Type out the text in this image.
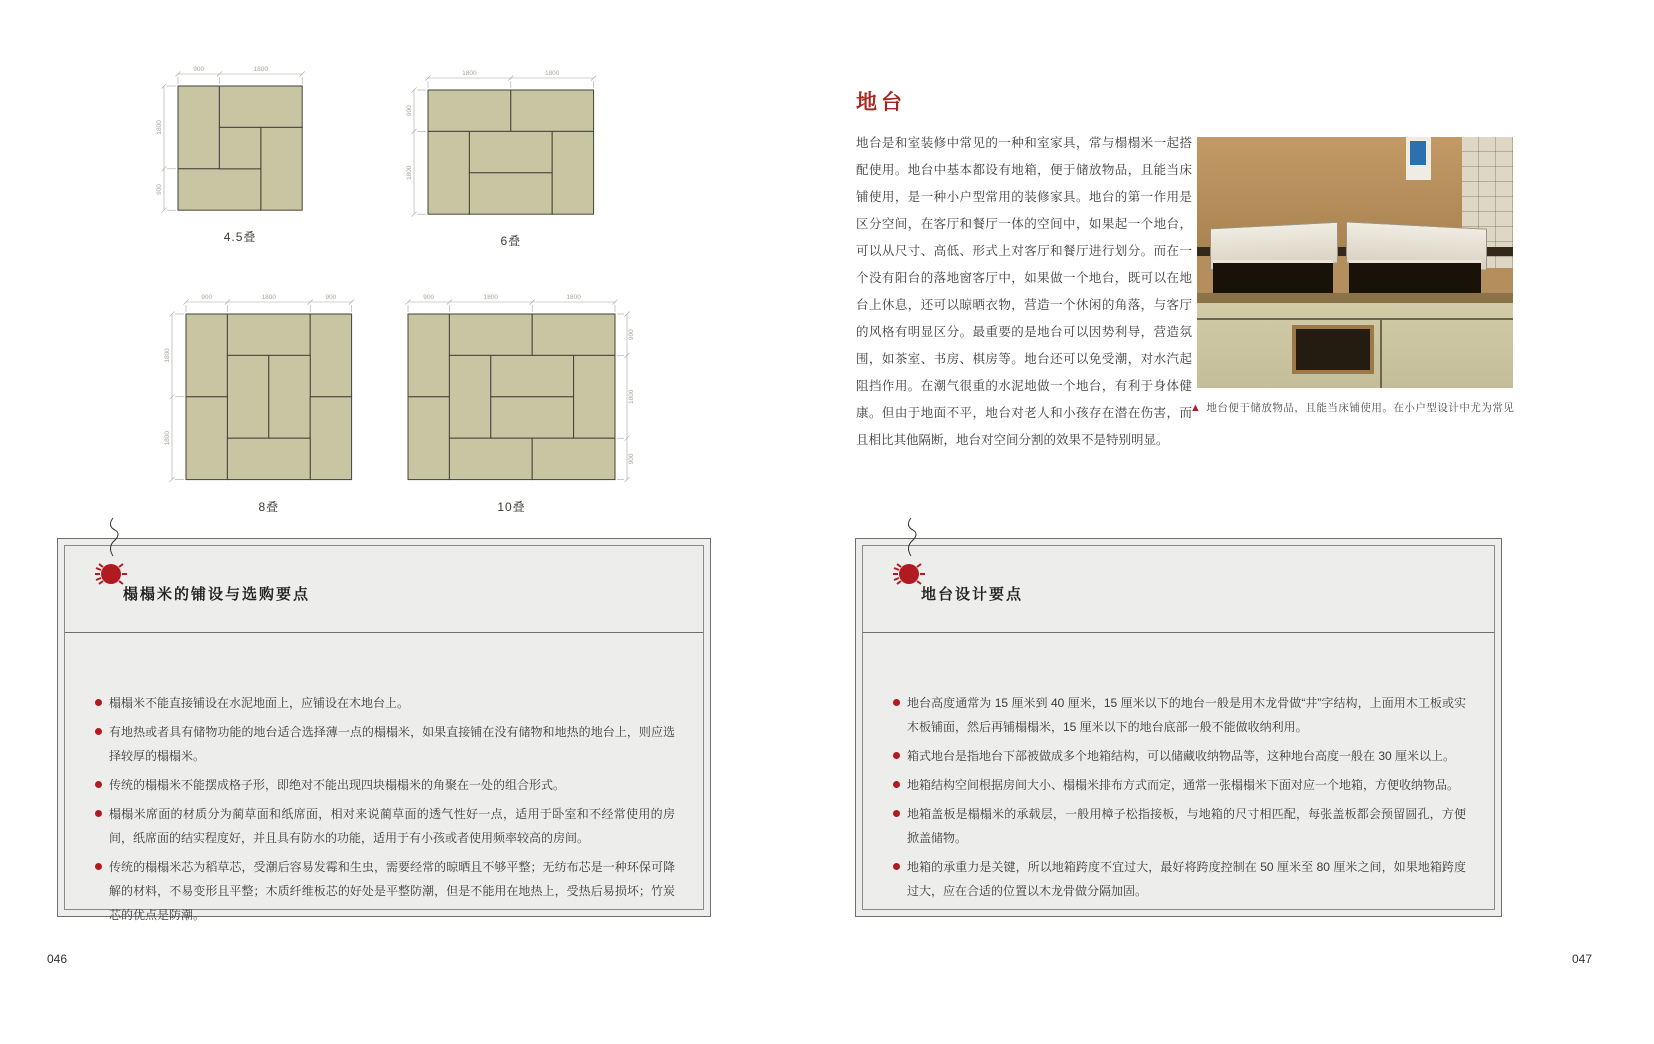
900	1800
1800
900
4.5叠
1800	1800
900
1800
6叠
900	1800	900
1800
1800
8叠
900	1800	1800
900
1800
900
10叠
地台
地台是和室装修中常见的一种和室家具，常与榻榻米一起搭配使用。地台中基本都设有地箱，便于储放物品，且能当床铺使用，是一种小户型常用的装修家具。地台的第一作用是区分空间，在客厅和餐厅一体的空间中，如果起一个地台，可以从尺寸、高低、形式上对客厅和餐厅进行划分。而在一个没有阳台的落地窗客厅中，如果做一个地台，既可以在地台上休息，还可以晾晒衣物，营造一个休闲的角落，与客厅的风格有明显区分。最重要的是地台可以因势利导，营造氛围，如茶室、书房、棋房等。地台还可以免受潮，对水汽起阻挡作用。在潮气很重的水泥地做一个地台，有利于身体健康。但由于地面不平，地台对老人和小孩存在潜在伤害，而且相比其他隔断，地台对空间分割的效果不是特别明显。
▲ 地台便于储放物品，且能当床铺使用。在小户型设计中尤为常见
榻榻米的铺设与选购要点
榻榻米不能直接铺设在水泥地面上，应铺设在木地台上。
有地热或者具有储物功能的地台适合选择薄一点的榻榻米，如果直接铺在没有储物和地热的地台上，则应选择较厚的榻榻米。
传统的榻榻米不能摆成格子形，即绝对不能出现四块榻榻米的角聚在一处的组合形式。
榻榻米席面的材质分为蔺草面和纸席面，相对来说蔺草面的透气性好一点，适用于卧室和不经常使用的房间，纸席面的结实程度好，并且具有防水的功能，适用于有小孩或者使用频率较高的房间。
传统的榻榻米芯为稻草芯，受潮后容易发霉和生虫，需要经常的晾晒且不够平整；无纺布芯是一种环保可降解的材料，不易变形且平整；木质纤维板芯的好处是平整防潮，但是不能用在地热上，受热后易损坏；竹炭芯的优点是防潮。
地台设计要点
地台高度通常为 15 厘米到 40 厘米，15 厘米以下的地台一般是用木龙骨做“井”字结构，上面用木工板或实木板铺面，然后再铺榻榻米，15 厘米以下的地台底部一般不能做收纳利用。
箱式地台是指地台下部被做成多个地箱结构，可以储藏收纳物品等，这种地台高度一般在 30 厘米以上。
地箱结构空间根据房间大小、榻榻米排布方式而定，通常一张榻榻米下面对应一个地箱，方便收纳物品。
地箱盖板是榻榻米的承载层，一般用樟子松指接板，与地箱的尺寸相匹配，每张盖板都会预留圆孔，方便掀盖储物。
地箱的承重力是关键，所以地箱跨度不宜过大，最好将跨度控制在 50 厘米至 80 厘米之间，如果地箱跨度过大，应在合适的位置以木龙骨做分隔加固。
046	047
